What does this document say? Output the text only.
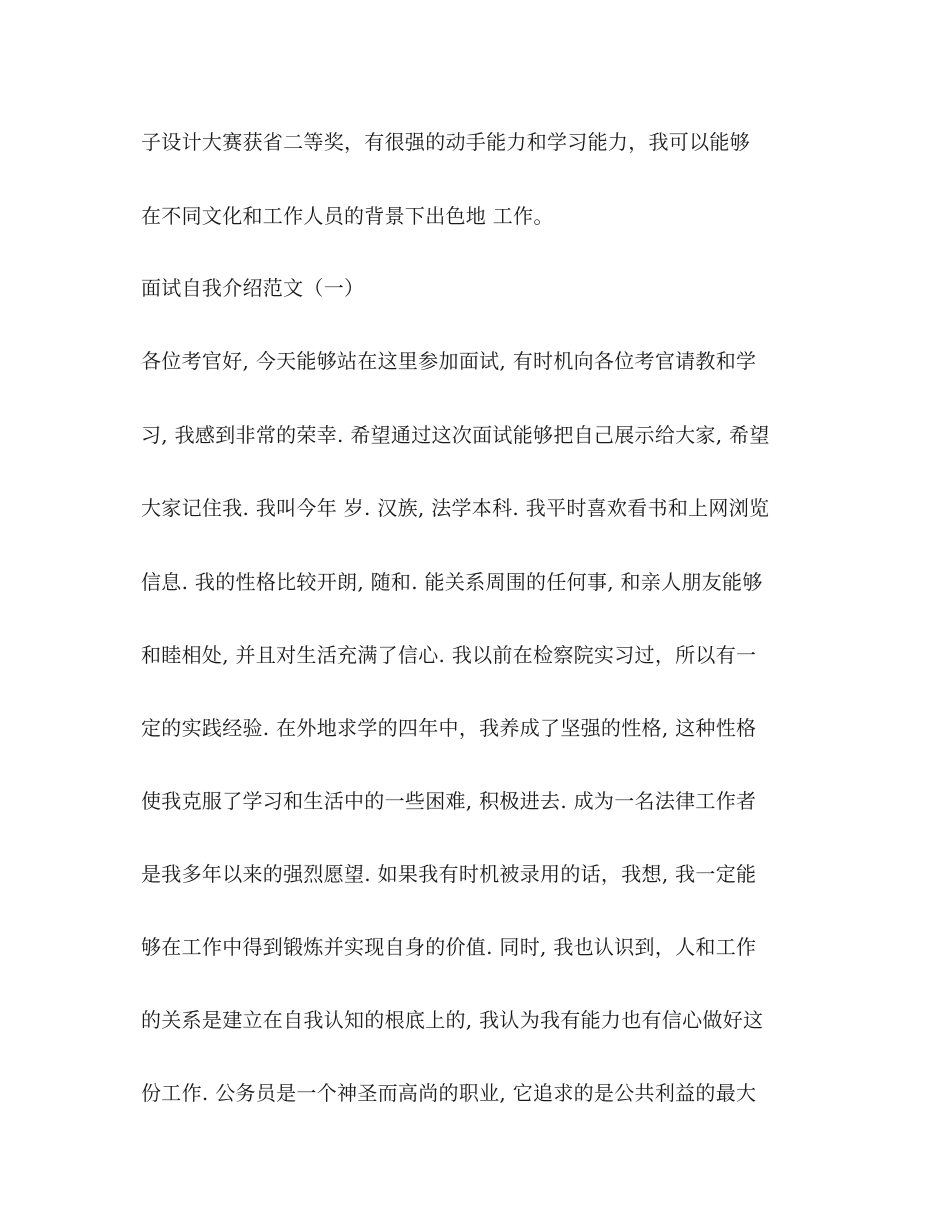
子设计大赛获省二等奖，有很强的动手能力和学习能力，我可以能够
在不同文化和工作人员的背景下出色地 工作。
面试自我介绍范文（一）
各位考官好, 今天能够站在这里参加面试, 有时机向各位考官请教和学
习, 我感到非常的荣幸. 希望通过这次面试能够把自己展示给大家, 希望
大家记住我. 我叫今年 岁. 汉族, 法学本科. 我平时喜欢看书和上网浏览
信息. 我的性格比较开朗, 随和. 能关系周围的任何事, 和亲人朋友能够
和睦相处, 并且对生活充满了信心. 我以前在检察院实习过，所以有一
定的实践经验. 在外地求学的四年中，我养成了坚强的性格, 这种性格
使我克服了学习和生活中的一些困难, 积极进去. 成为一名法律工作者
是我多年以来的强烈愿望. 如果我有时机被录用的话，我想, 我一定能
够在工作中得到锻炼并实现自身的价值. 同时, 我也认识到，人和工作
的关系是建立在自我认知的根底上的, 我认为我有能力也有信心做好这
份工作. 公务员是一个神圣而高尚的职业, 它追求的是公共利益的最大
